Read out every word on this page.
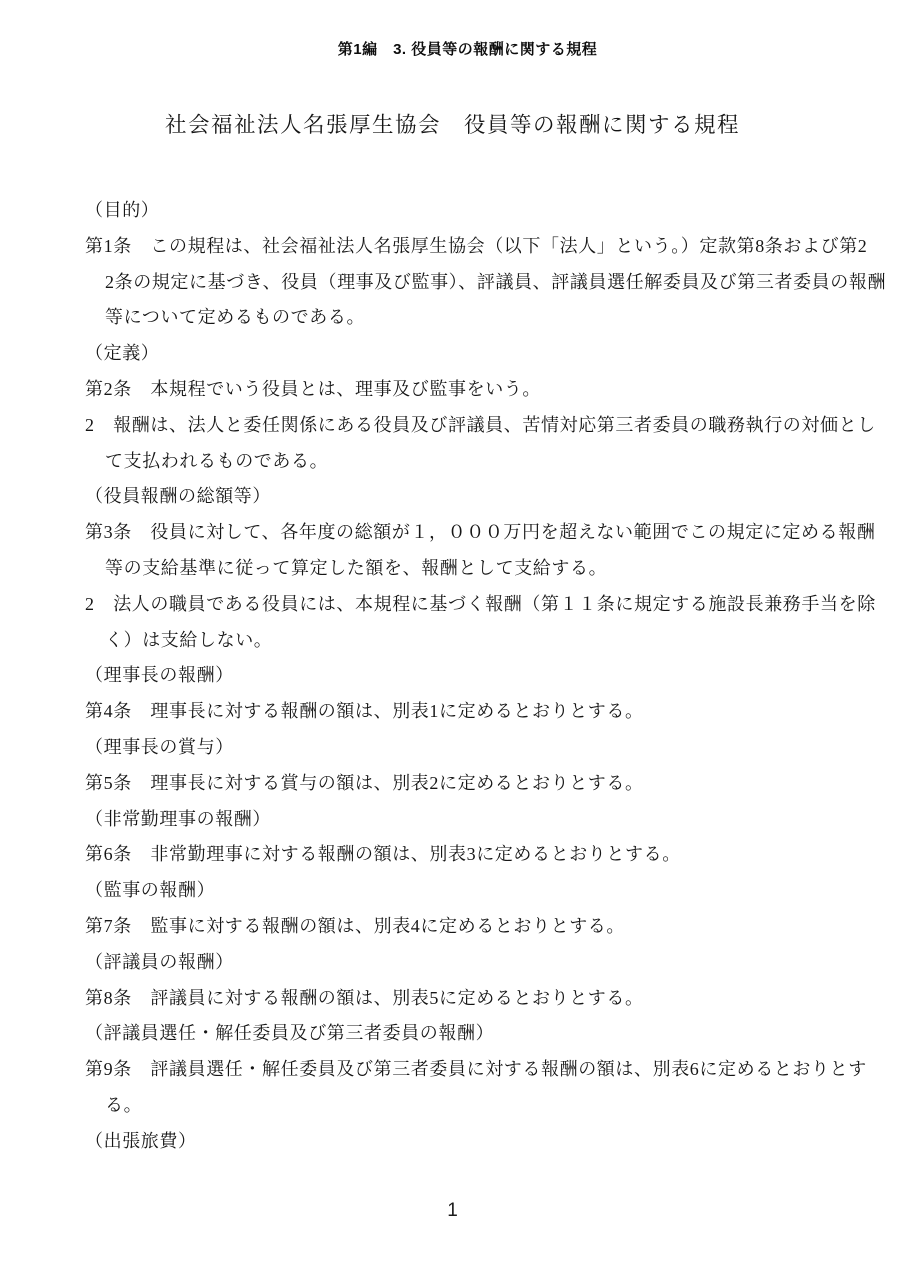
第1編　3. 役員等の報酬に関する規程
社会福祉法人名張厚生協会　役員等の報酬に関する規程
（目的）
第1条　この規程は、社会福祉法人名張厚生協会（以下「法人」という。）定款第8条および第2
2条の規定に基づき、役員（理事及び監事）、評議員、評議員選任解委員及び第三者委員の報酬
等について定めるものである。
（定義）
第2条　本規程でいう役員とは、理事及び監事をいう。
2　報酬は、法人と委任関係にある役員及び評議員、苦情対応第三者委員の職務執行の対価とし
て支払われるものである。
（役員報酬の総額等）
第3条　役員に対して、各年度の総額が１，０００万円を超えない範囲でこの規定に定める報酬
等の支給基準に従って算定した額を、報酬として支給する。
2　法人の職員である役員には、本規程に基づく報酬（第１１条に規定する施設長兼務手当を除
く）は支給しない。
（理事長の報酬）
第4条　理事長に対する報酬の額は、別表1に定めるとおりとする。
（理事長の賞与）
第5条　理事長に対する賞与の額は、別表2に定めるとおりとする。
（非常勤理事の報酬）
第6条　非常勤理事に対する報酬の額は、別表3に定めるとおりとする。
（監事の報酬）
第7条　監事に対する報酬の額は、別表4に定めるとおりとする。
（評議員の報酬）
第8条　評議員に対する報酬の額は、別表5に定めるとおりとする。
（評議員選任・解任委員及び第三者委員の報酬）
第9条　評議員選任・解任委員及び第三者委員に対する報酬の額は、別表6に定めるとおりとす
る。
（出張旅費）
1
